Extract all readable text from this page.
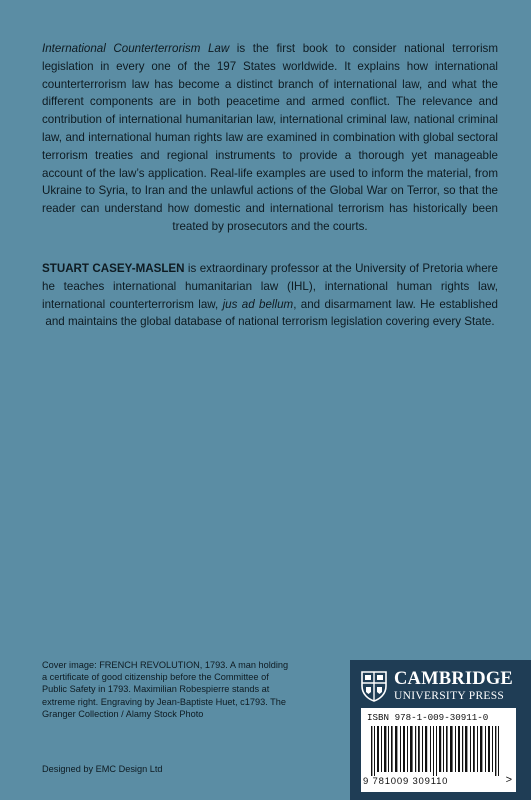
International Counterterrorism Law is the first book to consider national terrorism legislation in every one of the 197 States worldwide. It explains how international counterterrorism law has become a distinct branch of international law, and what the different components are in both peacetime and armed conflict. The relevance and contribution of international humanitarian law, international criminal law, national criminal law, and international human rights law are examined in combination with global sectoral terrorism treaties and regional instruments to provide a thorough yet manageable account of the law’s application. Real-life examples are used to inform the material, from Ukraine to Syria, to Iran and the unlawful actions of the Global War on Terror, so that the reader can understand how domestic and international terrorism has historically been treated by prosecutors and the courts.

STUART CASEY-MASLEN is extraordinary professor at the University of Pretoria where he teaches international humanitarian law (IHL), international human rights law, international counterterrorism law, jus ad bellum, and disarmament law. He established and maintains the global database of national terrorism legislation covering every State.

Cover image: FRENCH REVOLUTION, 1793. A man holding a certificate of good citizenship before the Committee of Public Safety in 1793. Maximilian Robespierre stands at extreme right. Engraving by Jean-Baptiste Huet, c1793. The Granger Collection / Alamy Stock Photo
Designed by EMC Design Ltd
CAMBRIDGE
UNIVERSITY PRESS
ISBN 978-1-009-30911-0
9 781009 309110	>
